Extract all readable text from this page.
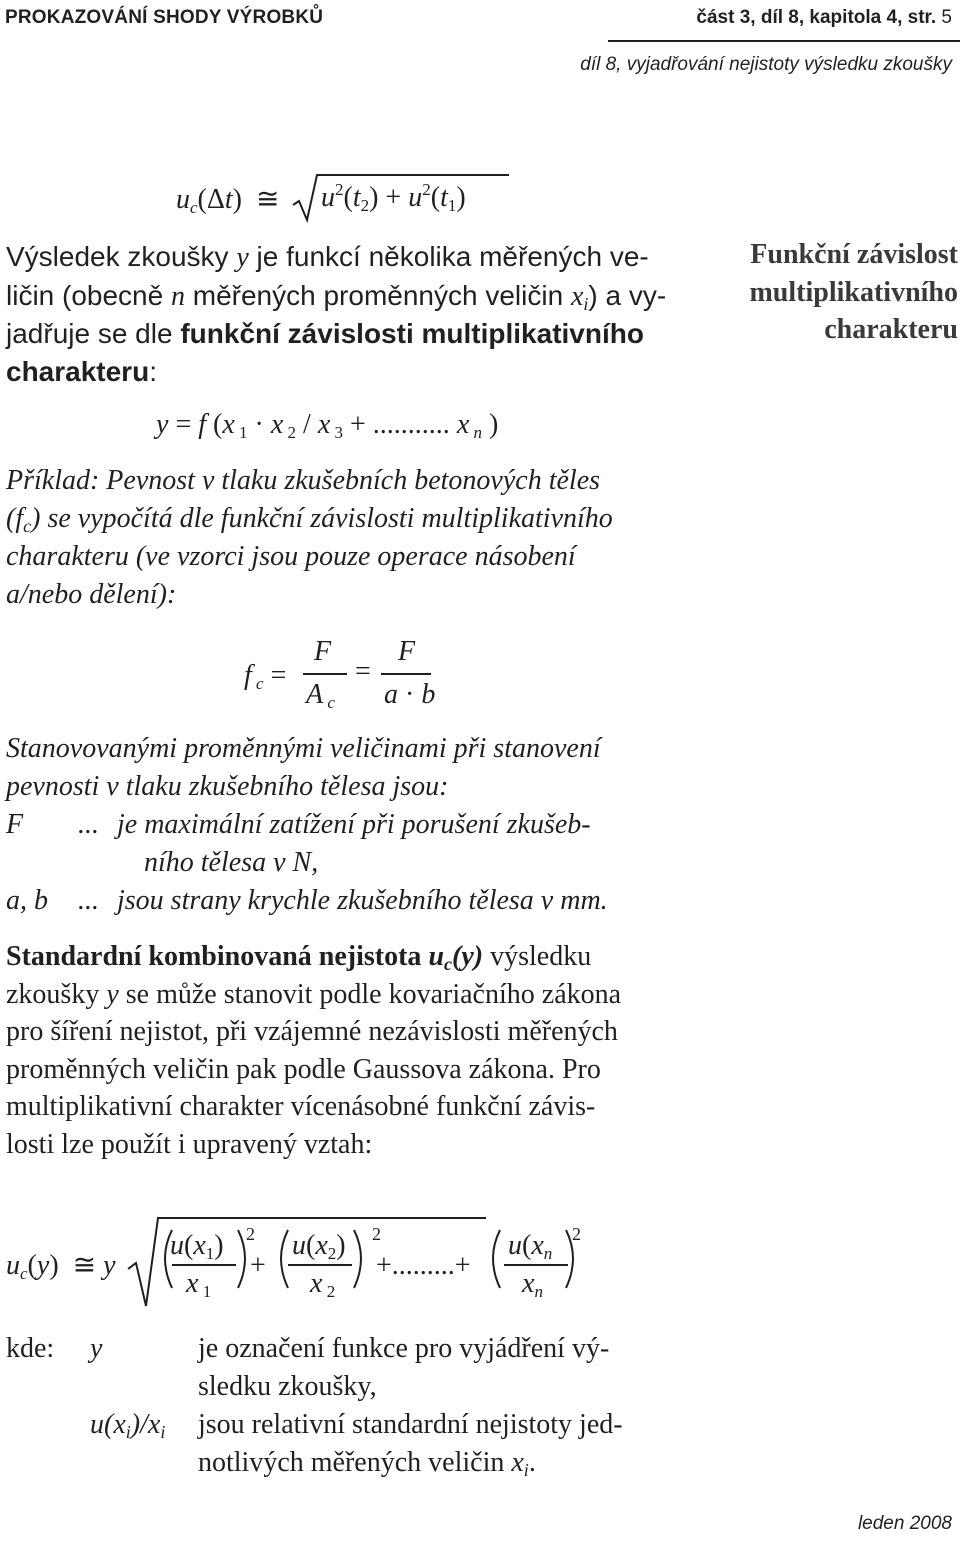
PROKAZOVÁNÍ SHODY VÝROBKŮ	část 3, díl 8, kapitola 4, str. 5
díl 8, vyjadřování nejistoty výsledku zkoušky
$u_c(\Delta t)$  ≅ $u^2(t_2) + u^2(t_1)$
Výsledek zkoušky y je funkcí několika měřených ve-
ličin (obecně n měřených proměnných veličin $x_i$) a vy-
jadřuje se dle funkční závislosti multiplikativního
charakteru:
Funkční závislost
multiplikativního
charakteru
y = f (x $_1$ · x $_2$ / x $_3$ + ........... x $_n$ )
Příklad: Pevnost v tlaku zkušebních betonových těles
$(f_c)$ se vypočítá dle funkční závislosti multiplikativního
charakteru (ve vzorci jsou pouze operace násobení
a/nebo dělení):
f $_c$ =
F
A $_c$
=
F
a · b
Stanovovanými proměnnými veličinami při stanovení
pevnosti v tlaku zkušebního tělesa jsou:
F ... je maximální zatížení při porušení zkušeb-
ního tělesa v N,
a, b ... jsou strany krychle zkušebního tělesa v mm.
Standardní kombinovaná nejistota $u_c(y)$ výsledku
zkoušky y se může stanovit podle kovariačního zákona
pro šíření nejistot, při vzájemné nezávislosti měřených
proměnných veličin pak podle Gaussova zákona. Pro
multiplikativní charakter vícenásobné funkční závis-
losti lze použít i upravený vztah:
$u_c(y)$  ≅ y
$u(x_1)$
x $_1$
2
+
$u(x_2)$
x $_2$
2
+.........+
$u(x_n$
$x_n$
2
kde: y	je označení funkce pro vyjádření vý-
sledku zkoušky,
$u(x_i)/x_i$ jsou relativní standardní nejistoty jed-
notlivých měřených veličin $x_i$.
leden 2008
